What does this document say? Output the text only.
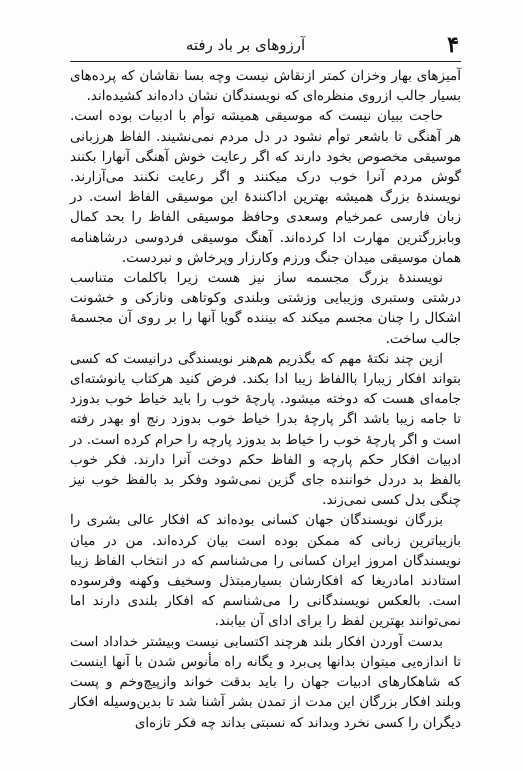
۴
آرزوهای بر باد رفته

آمیزهای بهار وخزان کمتر ازنقاش نیست وچه بسا نقاشان که پرده‌های بسیار جالب ازروی منظره‌ای که نویسندگان نشان داده‌اند کشیده‌اند.

حاجت ببیان نیست که موسیقی همیشه توأم با ادبیات بوده است. هر آهنگی تا باشعر توأم نشود در دل مردم نمی‌نشیند. الفاظ هرزبانی موسیقی مخصوص بخود دارند که اگر رعایت خوش آهنگی آنهارا بکنند گوش مردم آنرا خوب درک میکنند و اگر رعایت نکنند می‌آزارند. نویسندهٔ بزرگ همیشه بهترین اداکنندهٔ این موسیقی الفاظ است. در زبان فارسی عمرخیام وسعدی وحافظ موسیقی الفاظ را بحد کمال وبابزرگترین مهارت ادا کرده‌اند. آهنگ موسیقی فردوسی درشاهنامه همان موسیقی میدان جنگ ورزم وکارزار وپرخاش و نبردست.

نویسندهٔ بزرگ مجسمه ساز نیز هست زیرا باکلمات متناسب درشتی وستبری وزیبایی وزشتی وبلندی وکوتاهی ونازکی و خشونت اشکال را چنان مجسم میکند که بیننده گویا آنها را بر روی آن مجسمهٔ جالب ساخت.

ازین چند نکتهٔ مهم که بگذریم هم‌هنر نویسندگی درانیست که کسی بتواند افکار زیبارا باالفاظ زیبا ادا بکند. فرض کنید هرکتاب یانوشته‌ای جامه‌ای هست که دوخته میشود. پارچهٔ خوب را باید خیاط خوب بدوزد تا جامه زیبا باشد اگر پارچهٔ بدرا خیاط خوب بدوزد رنج او بهدر رفته است و اگر پارچهٔ خوب را خیاط بد بدوزد پارچه را حرام کرده است. در ادبیات افکار حکم پارچه و الفاظ حکم دوخت آنرا دارند. فکر خوب بالفظ بد دردل خواننده جای گزین نمی‌شود وفکر بد بالفظ خوب نیز چنگی بدل کسی نمی‌زند.

بزرگان نویسندگان جهان کسانی بوده‌اند که افکار عالی بشری را بازیباترین زبانی که ممکن بوده است بیان کرده‌اند. من در میان نویسندگان امروز ایران کسانی را می‌شناسم که در انتخاب الفاظ زیبا استادند امادریغا که افکارشان بسیارمبتذل وسخیف وکهنه وفرسوده است. بالعکس نویسندگانی را می‌شناسم که افکار بلندی دارند اما نمی‌توانند بهترین لفظ را برای ادای آن بیابند.

بدست آوردن افکار بلند هرچند اکتسابی نیست وبیشتر خداداد است تا اندازه‌یی میتوان بدانها پی‌برد و یگانه راه مأنوس شدن با آنها اینست که شاهکارهای ادبیات جهان را باید بدقت خواند وازپیچ‌وخم و پست وبلند افکار بزرگان این مدت از تمدن بشر آشنا شد تا بدین‌وسیله افکار دیگران را کسی نخرد وبداند که نسبتی بداند چه فکر تازه‌ای
